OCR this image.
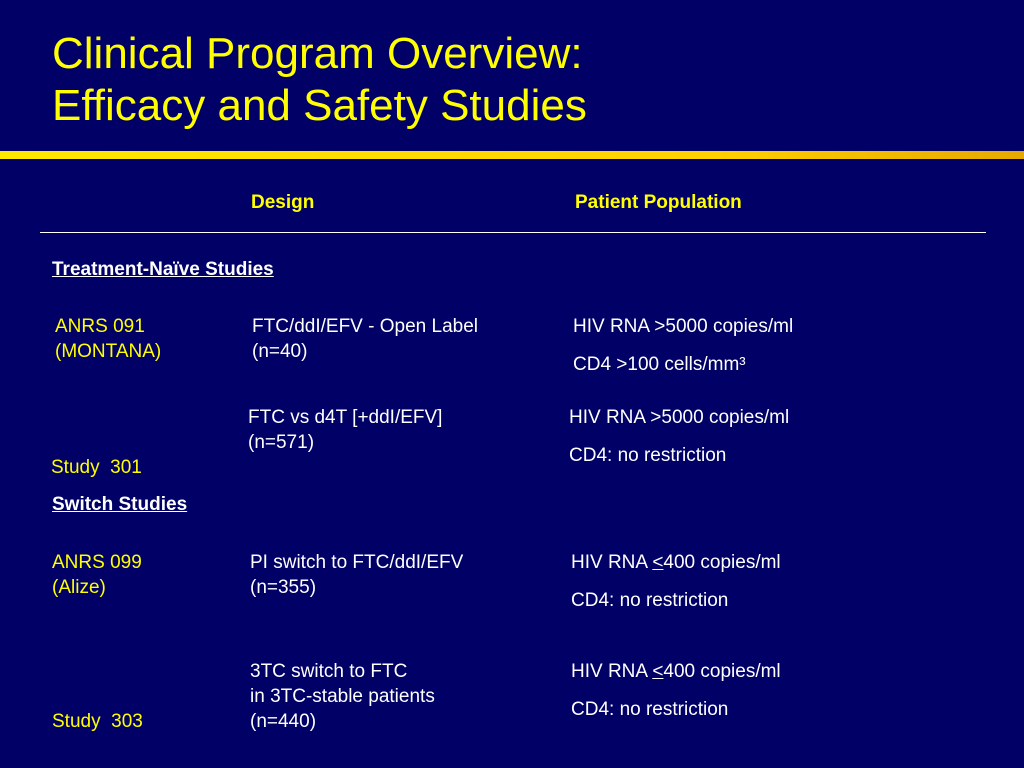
Clinical Program Overview:
Efficacy and Safety Studies
Design	Patient Population
Treatment-Naïve Studies
ANRS 091
(MONTANA)
FTC/ddI/EFV - Open Label
(n=40)
HIV RNA >5000 copies/ml
CD4 >100 cells/mm³

Study  301

FTC vs d4T [+ddI/EFV]
(n=571)
HIV RNA >5000 copies/ml
CD4: no restriction
Switch Studies
ANRS 099
(Alize)
PI switch to FTC/ddI/EFV
(n=355)
HIV RNA ≤400 copies/ml
CD4: no restriction

Study  303

3TC switch to FTC
in 3TC-stable patients
(n=440)
HIV RNA ≤400 copies/ml
CD4: no restriction
